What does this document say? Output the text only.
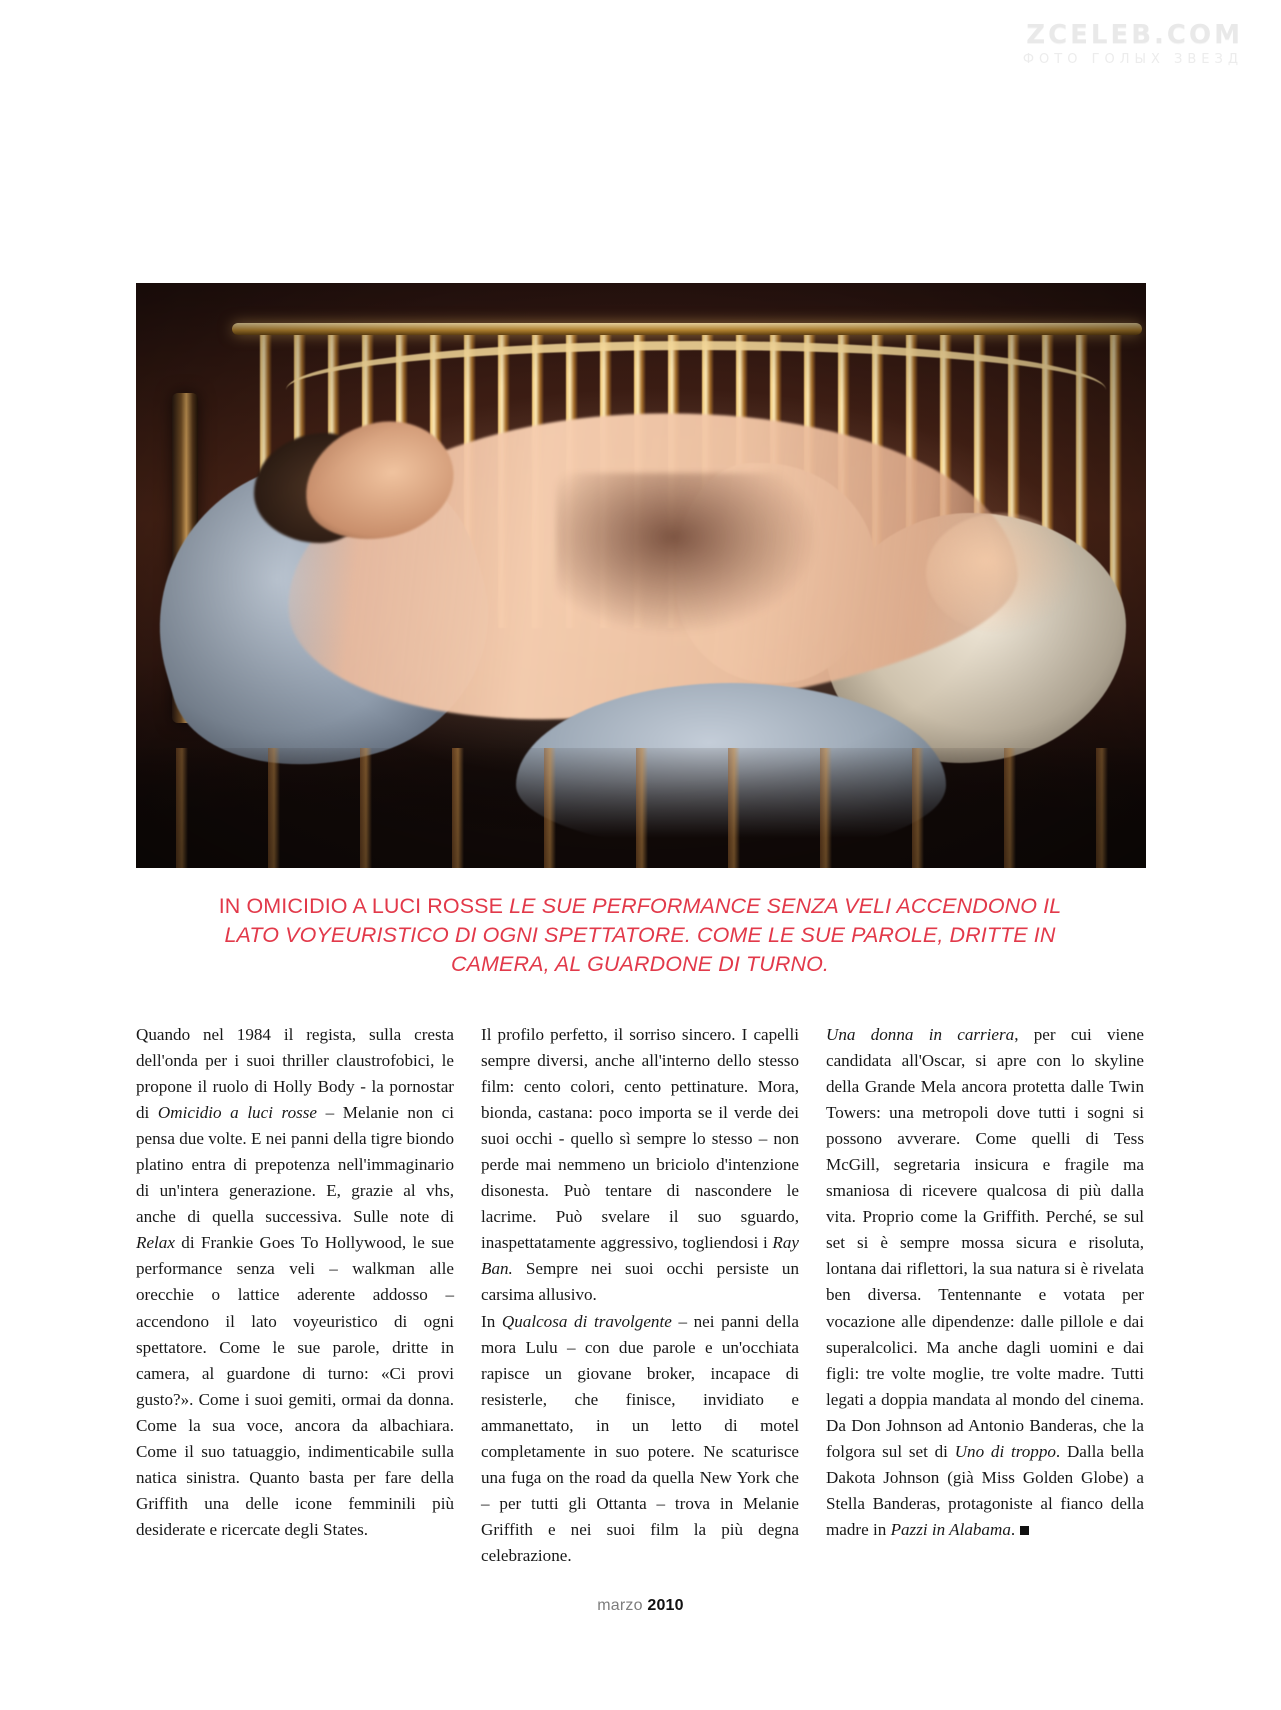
ZCELEB.COM
ФОТО ГОЛЫХ ЗВЕЗД
IN OMICIDIO A LUCI ROSSE LE SUE PERFORMANCE SENZA VELI ACCENDONO IL LATO VOYEURISTICO DI OGNI SPETTATORE. COME LE SUE PAROLE, DRITTE IN CAMERA, AL GUARDONE DI TURNO.

Quando nel 1984 il regista, sulla cresta dell'onda per i suoi thriller claustrofobici, le propone il ruolo di Holly Body - la pornostar di Omicidio a luci rosse – Melanie non ci pensa due volte. E nei panni della tigre biondo platino entra di prepotenza nell'immaginario di un'intera generazione. E, grazie al vhs, anche di quella successiva. Sulle note di Relax di Frankie Goes To Hollywood, le sue performance senza veli – walkman alle orecchie o lattice aderente addosso – accendono il lato voyeuristico di ogni spettatore. Come le sue parole, dritte in camera, al guardone di turno: «Ci provi gusto?». Come i suoi gemiti, ormai da donna. Come la sua voce, ancora da albachiara. Come il suo tatuaggio, indimenticabile sulla natica sinistra. Quanto basta per fare della Griffith una delle icone femminili più desiderate e ricercate degli States.

Il profilo perfetto, il sorriso sincero. I capelli sempre diversi, anche all'interno dello stesso film: cento colori, cento pettinature. Mora, bionda, castana: poco importa se il verde dei suoi occhi - quello sì sempre lo stesso – non perde mai nemmeno un briciolo d'intenzione disonesta. Può tentare di nascondere le lacrime. Può svelare il suo sguardo, inaspettatamente aggressivo, togliendosi i Ray Ban. Sempre nei suoi occhi persiste un carsima allusivo.

In Qualcosa di travolgente – nei panni della mora Lulu – con due parole e un'occhiata rapisce un giovane broker, incapace di resisterle, che finisce, invidiato e ammanettato, in un letto di motel completamente in suo potere. Ne scaturisce una fuga on the road da quella New York che – per tutti gli Ottanta – trova in Melanie Griffith e nei suoi film la più degna celebrazione.

Una donna in carriera, per cui viene candidata all'Oscar, si apre con lo skyline della Grande Mela ancora protetta dalle Twin Towers: una metropoli dove tutti i sogni si possono avverare. Come quelli di Tess McGill, segretaria insicura e fragile ma smaniosa di ricevere qualcosa di più dalla vita. Proprio come la Griffith. Perché, se sul set si è sempre mossa sicura e risoluta, lontana dai riflettori, la sua natura si è rivelata ben diversa. Tentennante e votata per vocazione alle dipendenze: dalle pillole e dai superalcolici. Ma anche dagli uomini e dai figli: tre volte moglie, tre volte madre. Tutti legati a doppia mandata al mondo del cinema. Da Don Johnson ad Antonio Banderas, che la folgora sul set di Uno di troppo. Dalla bella Dakota Johnson (già Miss Golden Globe) a Stella Banderas, protagoniste al fianco della madre in Pazzi in Alabama.

marzo 2010
